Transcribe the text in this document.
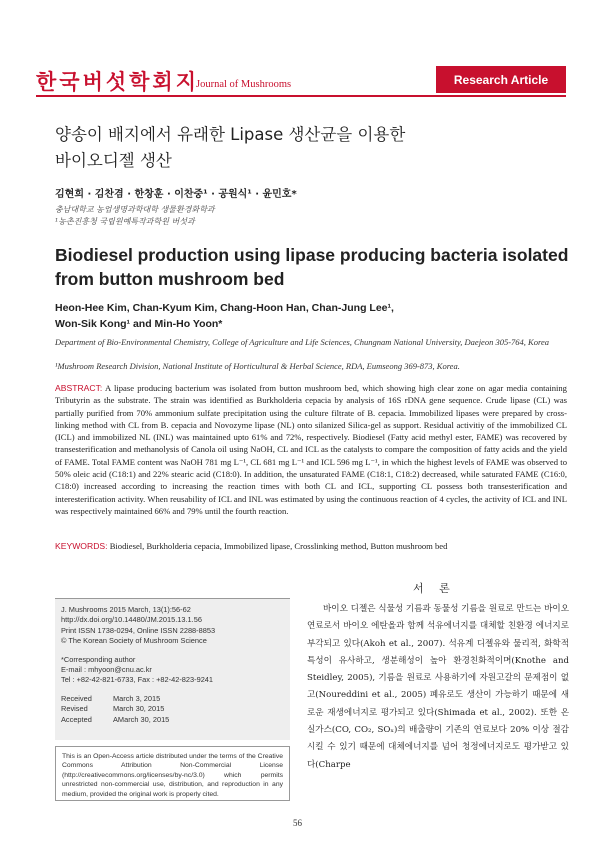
한국버섯학회지
Journal of Mushrooms	Research Article
양송이 배지에서 유래한 Lipase 생산균을 이용한
바이오디젤 생산
김현희 · 김찬겸 · 한창훈 · 이찬중¹ · 공원식¹ · 윤민호*
충남대학교 농업생명과학대학 생물환경화학과
¹농촌진흥청 국립원예특작과학원 버섯과
Biodiesel production using lipase producing bacteria isolated from button mushroom bed
Heon-Hee Kim, Chan-Kyum Kim, Chang-Hoon Han, Chan-Jung Lee¹,
Won-Sik Kong¹ and Min-Ho Yoon*
Department of Bio-Environmental Chemistry, College of Agriculture and Life Sciences, Chungnam National University, Daejeon 305-764, Korea
¹Mushroom Research Division, National Institute of Horticultural & Herbal Science, RDA, Eumseong 369-873, Korea.
ABSTRACT: A lipase producing bacterium was isolated from button mushroom bed, which showing high clear zone on agar media containing Tributyrin as the substrate. The strain was identified as Burkholderia cepacia by analysis of 16S rDNA gene sequence. Crude lipase (CL) was partially purified from 70% ammonium sulfate precipitation using the culture filtrate of B. cepacia. Immobilized lipases were prepared by cross-linking method with CL from B. cepacia and Novozyme lipase (NL) onto silanized Silica-gel as support. Residual activitiy of the immobilized CL (ICL) and immobilized NL (INL) was maintained upto 61% and 72%, respectively. Biodiesel (Fatty acid methyl ester, FAME) was recovered by transesterification and methanolysis of Canola oil using NaOH, CL and ICL as the catalysts to compare the composition of fatty acids and the yield of FAME. Total FAME content was NaOH 781 mg L⁻¹, CL 681 mg L⁻¹ and ICL 596 mg L⁻¹, in which the highest levels of FAME was observed to 50% oleic acid (C18:1) and 22% stearic acid (C18:0). In addition, the unsaturated FAME (C18:1, C18:2) decreased, while saturated FAME (C16:0, C18:0) increased according to increasing the reaction times with both CL and ICL, supporting CL possess both transesterification and interesterification activity. When reusability of ICL and INL was estimated by using the continuous reaction of 4 cycles, the activity of ICL and INL was respectively maintained 66% and 79% until the fourth reaction.
KEYWORDS: Biodiesel, Burkholderia cepacia, Immobilized lipase, Crosslinking method, Button mushroom bed
서 론
J. Mushrooms 2015 March, 13(1):56-62
http://dx.doi.org/10.14480/JM.2015.13.1.56
Print ISSN 1738-0294, Online ISSN 2288-8853
© The Korean Society of Mushroom Science
*Corresponding author
E-mail : mhyoon@cnu.ac.kr
Tel : +82-42-821-6733, Fax : +82-42-823-9241
Received	March 3, 2015
Revised	March 30, 2015
Accepted	AMarch 30, 2015
This is an Open-Access article distributed under the terms of the Creative Commons Attribution Non-Commercial License (http://creativecommons.org/licenses/by-nc/3.0) which permits unrestricted non-commercial use, distribution, and reproduction in any medium, provided the original work is properly cited.
바이오 디젤은 식물성 기름과 동물성 기름을 원료로 만드는 바이오 연료로서 바이오 에탄올과 함께 석유에너지를 대체할 친환경 에너지로 부각되고 있다(Akoh et al., 2007). 석유계 디젤유와 물리적, 화학적 특성이 유사하고, 생분해성이 높아 환경친화적이며(Knothe and Steidley, 2005), 기름을 원료로 사용하기에 자원고갈의 문제점이 없고(Noureddini et al., 2005) 폐유로도 생산이 가능하기 때문에 새로운 재생에너지로 평가되고 있다(Shimada et al., 2002). 또한 온실가스(CO, CO₂, SOₓ)의 배출량이 기존의 연료보다 20% 이상 절감 시킬 수 있기 때문에 대체에너지를 넘어 청정에너지로도 평가받고 있다(Charpe
56
